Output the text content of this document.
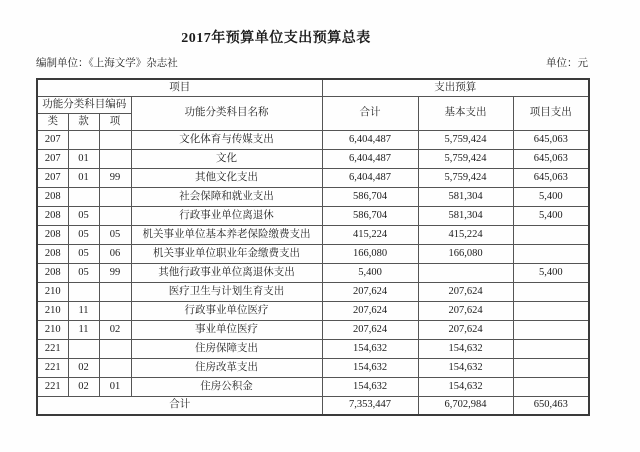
2017年预算单位支出预算总表
编制单位：《上海文学》杂志社	单位：元
项目				支出预算		
功能分类科目编码			功能分类科目名称	合计	基本支出	项目支出
类	款	项				
207			文化体育与传媒支出	6,404,487	5,759,424	645,063
207	01		文化	6,404,487	5,759,424	645,063
207	01	99	其他文化支出	6,404,487	5,759,424	645,063
208			社会保障和就业支出	586,704	581,304	5,400
208	05		行政事业单位离退休	586,704	581,304	5,400
208	05	05	机关事业单位基本养老保险缴费支出	415,224	415,224	
208	05	06	机关事业单位职业年金缴费支出	166,080	166,080	
208	05	99	其他行政事业单位离退休支出	5,400		5,400
210			医疗卫生与计划生育支出	207,624	207,624	
210	11		行政事业单位医疗	207,624	207,624	
210	11	02	事业单位医疗	207,624	207,624	
221			住房保障支出	154,632	154,632	
221	02		住房改革支出	154,632	154,632	
221	02	01	住房公积金	154,632	154,632	
合计				7,353,447	6,702,984	650,463
